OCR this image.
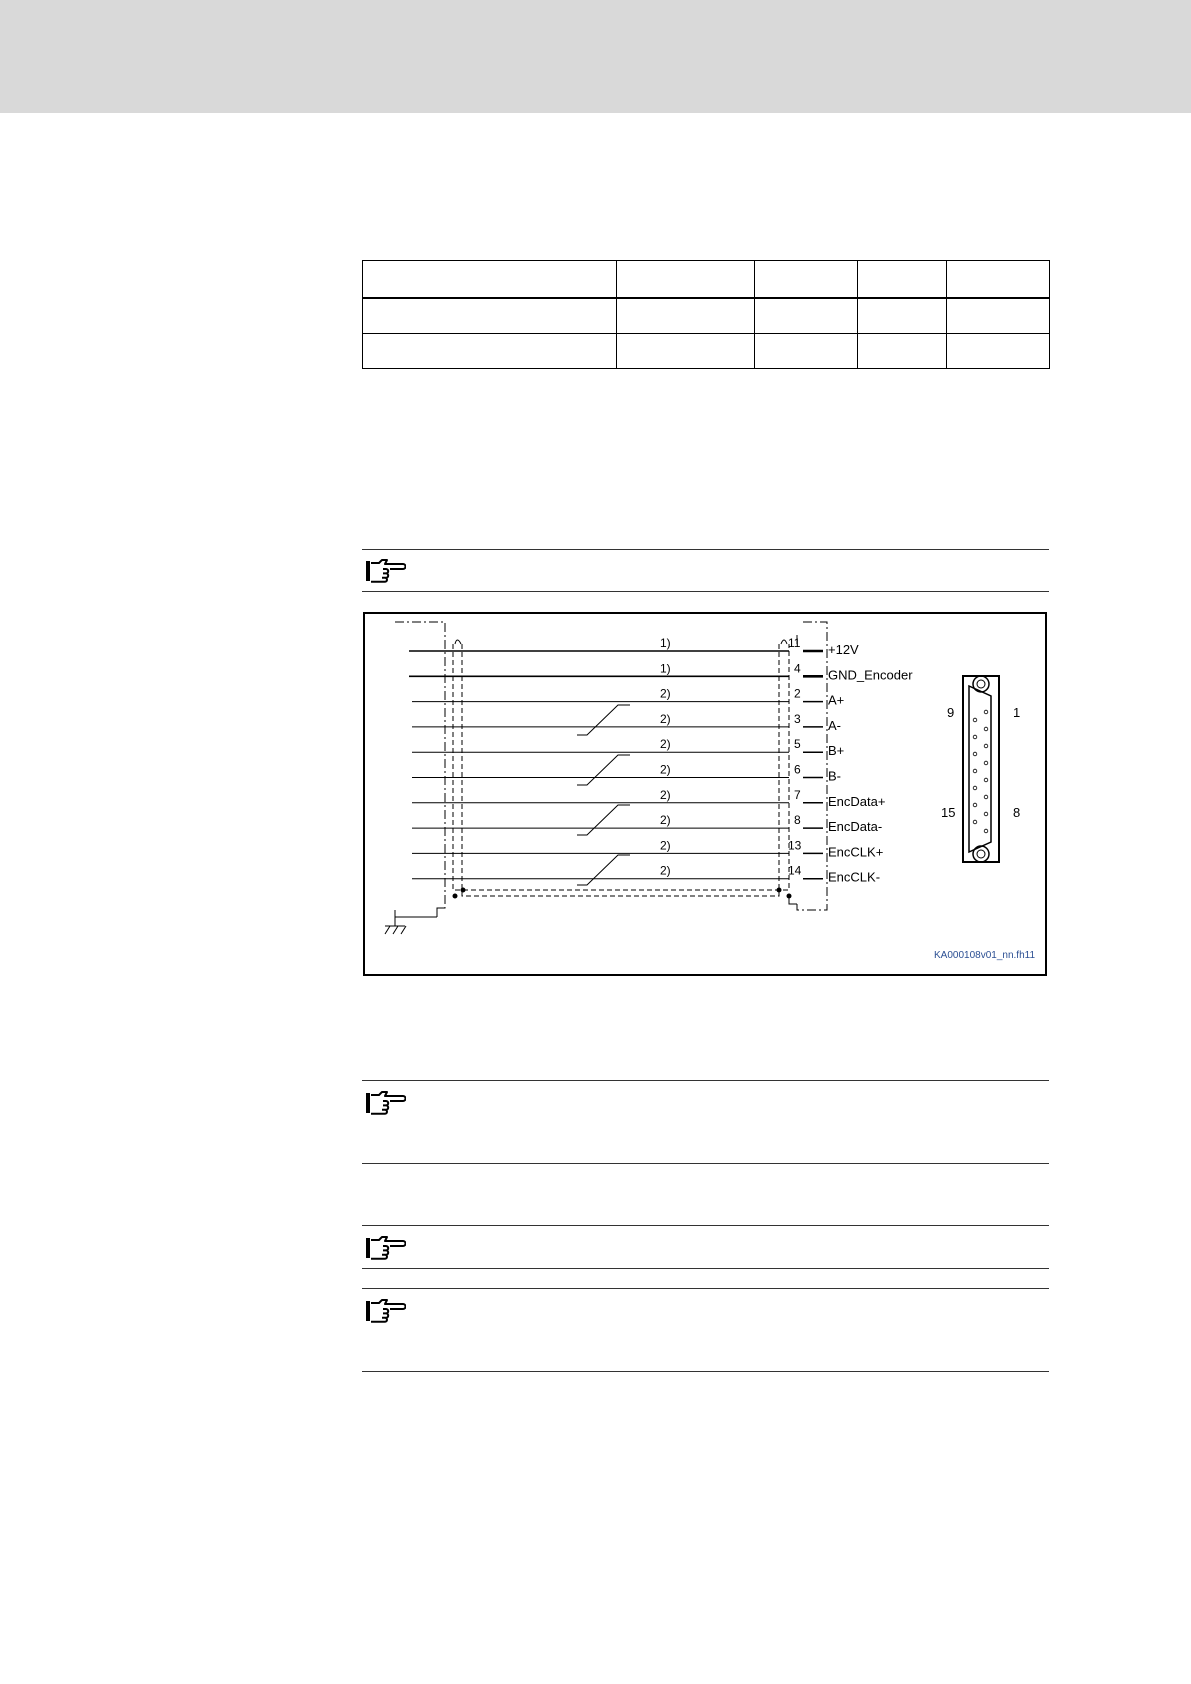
1)	11 +12V
1)	4 GND_Encoder
2)	2 A+
2)	3 A-
2)	5 B+
2)	6 B-
2)	7 EncData+
2)	8 EncData-
2)	13 EncCLK+
2)	14 EncCLK-
9	1
15	8
KA000108v01_nn.fh11
